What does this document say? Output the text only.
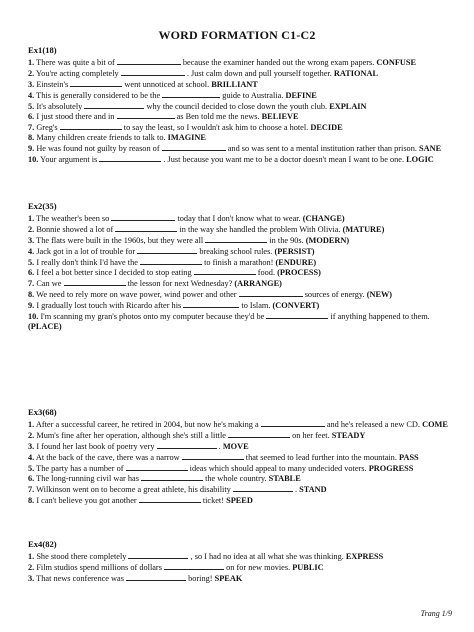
WORD FORMATION C1-C2
Ex1(18)
1. There was quite a bit of	because the examiner handed out the wrong exam papers. CONFUSE
2. You're acting completely	. Just calm down and pull yourself together. RATIONAL
3. Einstein's	went unnoticed at school. BRILLIANT
4. This is generally considered to be the	guide to Australia. DEFINE
5. It's absolutely	why the council decided to close down the youth club. EXPLAIN
6. I just stood there and in	as Ben told me the news. BELIEVE
7. Greg's	to say the least, so I wouldn't ask him to choose a hotel. DECIDE
8. Many children create friends to talk to. IMAGINE
9. He was found not guilty by reason of	and so was sent to a mental institution rather than prison. SANE
10. Your argument is	. Just because you want me to be a doctor doesn't mean I want to be one. LOGIC
Ex2(35)
1. The weather's been so	today that I don't know what to wear. (CHANGE)
2. Bonnie showed a lot of	in the way she handled the problem With Olivia. (MATURE)
3. The flats were built in the 1960s, but they were all	in the 90s. (MODERN)
4. Jack got in a lot of trouble for	breaking school rules. (PERSIST)
5. I really don't think I'd have the	to finish a marathon! (ENDURE)
6. I feel a bot better since I decided to stop eating	food. (PROCESS)
7. Can we	the lesson for next Wednesday? (ARRANGE)
8. We need to rely more on wave power, wind power and other	sources of energy. (NEW)
9. I gradually lost touch with Ricardo after his	to Islam. (CONVERT)
10. I'm scanning my gran's photos onto my computer because they'd be	if anything happened to them. (PLACE)
Ex3(68)
1. After a successful career, he retired in 2004, but now he's making a	and he's released a new CD. COME
2. Mum's fine after her operation, although she's still a little	on her feet. STEADY
3. I found her last book of poetry very	. MOVE
4. At the back of the cave, there was a narrow	that seemed to lead further into the mountain. PASS
5. The party has a number of	ideas which should appeal to many undecided voters. PROGRESS
6. The long-running civil war has	the whole country. STABLE
7. Wilkinson went on to become a great athlete, his disability	. STAND
8. I can't believe you got another	ticket! SPEED
Ex4(82)
1. She stood there completely	, so I had no idea at all what she was thinking. EXPRESS
2. Film studios spend millions of dollars	on for new movies. PUBLIC
3. That news conference was	boring! SPEAK
Trang 1/9
